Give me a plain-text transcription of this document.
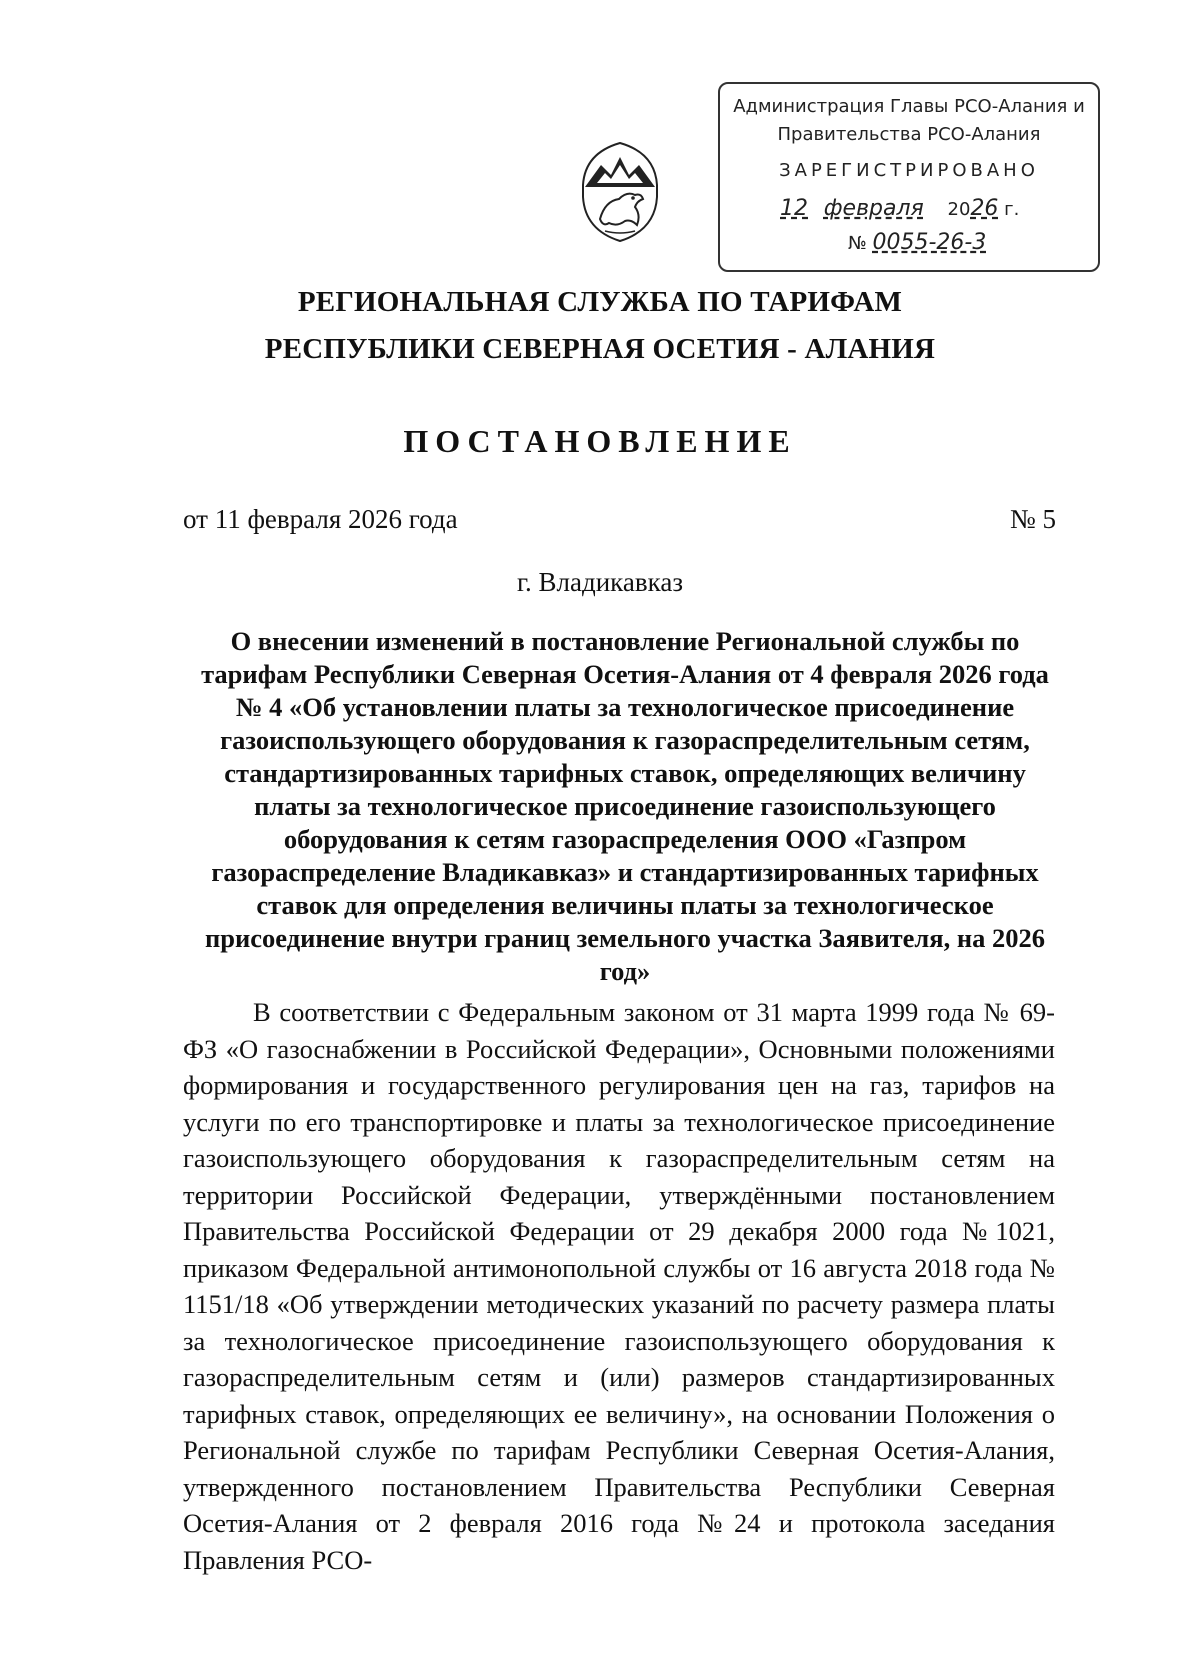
Администрация Главы РСО-Алания и
Правительства РСО-Алания
ЗАРЕГИСТРИРОВАНО
12 февраля 2026 г.
№ 0055-26-3
РЕГИОНАЛЬНАЯ СЛУЖБА ПО ТАРИФАМ
РЕСПУБЛИКИ СЕВЕРНАЯ ОСЕТИЯ - АЛАНИЯ
ПОСТАНОВЛЕНИЕ
от 11 февраля 2026 года	№ 5
г. Владикавказ
О внесении изменений в постановление Региональной службы по тарифам Республики Северная Осетия-Алания от 4 февраля 2026 года № 4 «Об установлении платы за технологическое присоединение газоиспользующего оборудования к газораспределительным сетям, стандартизированных тарифных ставок, определяющих величину платы за технологическое присоединение газоиспользующего оборудования к сетям газораспределения ООО «Газпром газораспределение Владикавказ» и стандартизированных тарифных ставок для определения величины платы за технологическое присоединение внутри границ земельного участка Заявителя, на 2026 год»
В соответствии с Федеральным законом от 31 марта 1999 года № 69-ФЗ «О газоснабжении в Российской Федерации», Основными положениями формирования и государственного регулирования цен на газ, тарифов на услуги по его транспортировке и платы за технологическое присоединение газоиспользующего оборудования к газораспределительным сетям на территории Российской Федерации, утверждёнными постановлением Правительства Российской Федерации от 29 декабря 2000 года №1021, приказом Федеральной антимонопольной службы от 16 августа 2018 года № 1151/18 «Об утверждении методических указаний по расчету размера платы за технологическое присоединение газоиспользующего оборудования к газораспределительным сетям и (или) размеров стандартизированных тарифных ставок, определяющих ее величину», на основании Положения о Региональной службе по тарифам Республики Северная Осетия-Алания, утвержденного постановлением Правительства Республики Северная Осетия-Алания от 2 февраля 2016 года №24 и протокола заседания Правления РСО-
